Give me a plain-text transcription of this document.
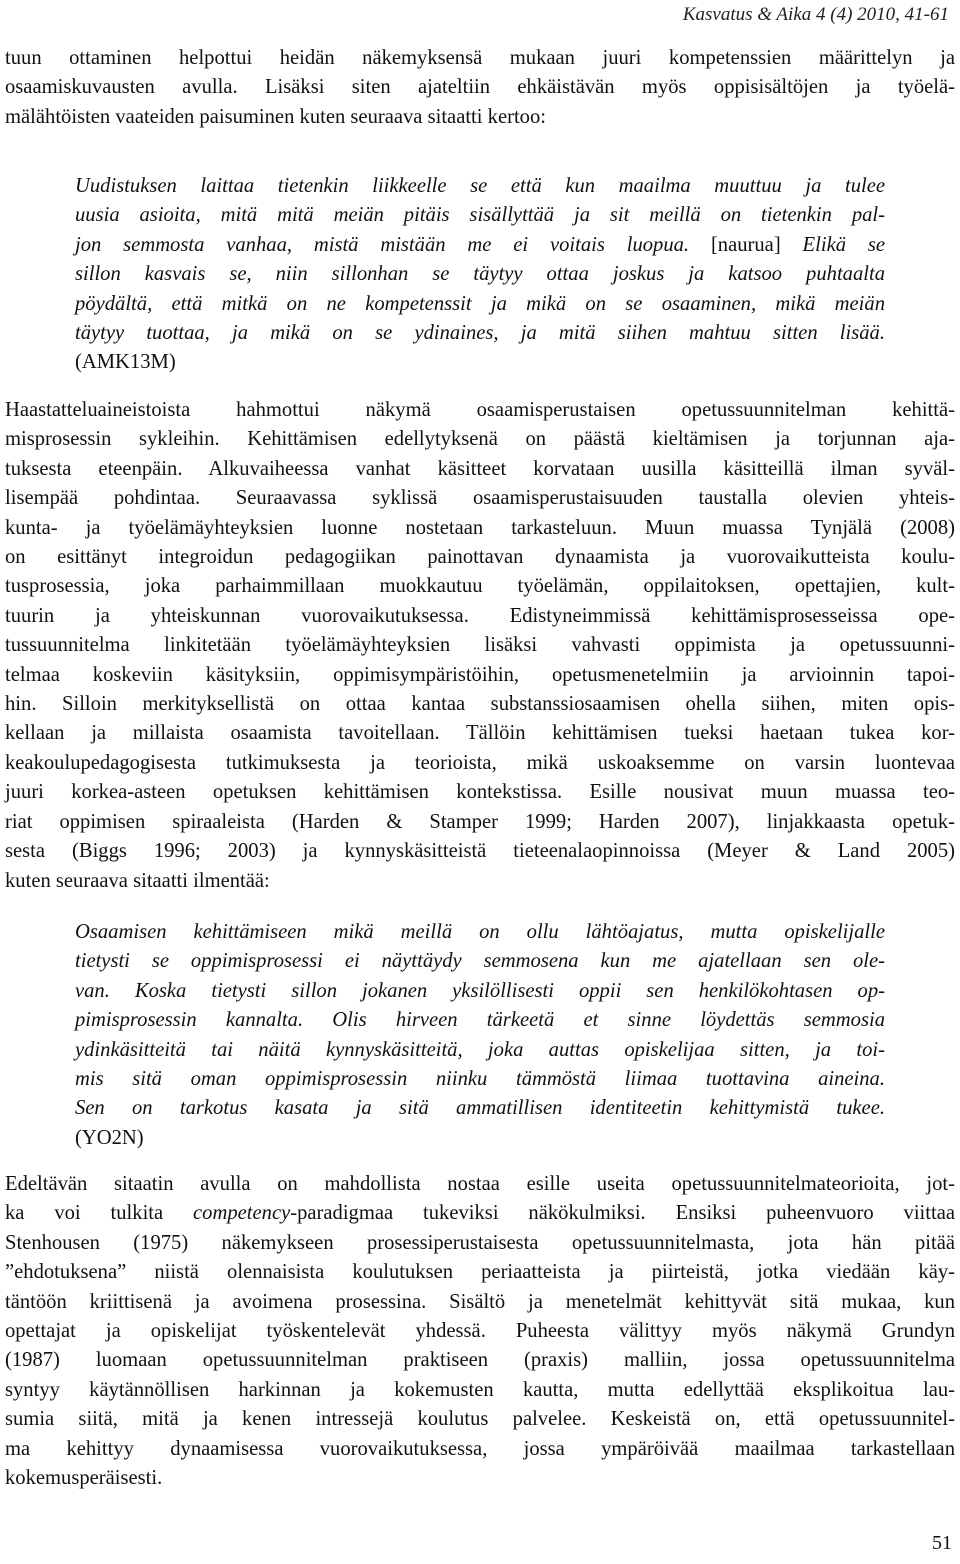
Kasvatus & Aika 4 (4) 2010, 41-61
tuun ottaminen helpottui heidän näkemyksensä mukaan juuri kompetenssien määrittelyn ja
osaamiskuvausten avulla. Lisäksi siten ajateltiin ehkäistävän myös oppisisältöjen ja työelä-
mälähtöisten vaateiden paisuminen kuten seuraava sitaatti kertoo:
Uudistuksen laittaa tietenkin liikkeelle se että kun maailma muuttuu ja tulee
uusia asioita, mitä mitä meiän pitäis sisällyttää ja sit meillä on tietenkin pal-
jon semmosta vanhaa, mistä mistään me ei voitais luopua. [naurua] Elikä se
sillon kasvais se, niin sillonhan se täytyy ottaa joskus ja katsoo puhtaalta
pöydältä, että mitkä on ne kompetenssit ja mikä on se osaaminen, mikä meiän
täytyy tuottaa, ja mikä on se ydinaines, ja mitä siihen mahtuu sitten lisää.
(AMK13M)
Haastatteluaineistoista hahmottui näkymä osaamisperustaisen opetussuunnitelman kehittä-
misprosessin sykleihin. Kehittämisen edellytyksenä on päästä kieltämisen ja torjunnan aja-
tuksesta eteenpäin. Alkuvaiheessa vanhat käsitteet korvataan uusilla käsitteillä ilman syväl-
lisempää pohdintaa. Seuraavassa syklissä osaamisperustaisuuden taustalla olevien yhteis-
kunta- ja työelämäyhteyksien luonne nostetaan tarkasteluun. Muun muassa Tynjälä (2008)
on esittänyt integroidun pedagogiikan painottavan dynaamista ja vuorovaikutteista koulu-
tusprosessia, joka parhaimmillaan muokkautuu työelämän, oppilaitoksen, opettajien, kult-
tuurin ja yhteiskunnan vuorovaikutuksessa. Edistyneimmissä kehittämisprosesseissa ope-
tussuunnitelma linkitetään työelämäyhteyksien lisäksi vahvasti oppimista ja opetussuunni-
telmaa koskeviin käsityksiin, oppimisympäristöihin, opetusmenetelmiin ja arvioinnin tapoi-
hin. Silloin merkityksellistä on ottaa kantaa substanssiosaamisen ohella siihen, miten opis-
kellaan ja millaista osaamista tavoitellaan. Tällöin kehittämisen tueksi haetaan tukea kor-
keakoulupedagogisesta tutkimuksesta ja teorioista, mikä uskoaksemme on varsin luontevaa
juuri korkea-asteen opetuksen kehittämisen kontekstissa. Esille nousivat muun muassa teo-
riat oppimisen spiraaleista (Harden & Stamper 1999; Harden 2007), linjakkaasta opetuk-
sesta (Biggs 1996; 2003) ja kynnyskäsitteistä tieteenalaopinnoissa (Meyer & Land 2005)
kuten seuraava sitaatti ilmentää:
Osaamisen kehittämiseen mikä meillä on ollu lähtöajatus, mutta opiskelijalle
tietysti se oppimisprosessi ei näyttäydy semmosena kun me ajatellaan sen ole-
van. Koska tietysti sillon jokanen yksilöllisesti oppii sen henkilökohtasen op-
pimisprosessin kannalta. Olis hirveen tärkeetä et sinne löydettäs semmosia
ydinkäsitteitä tai näitä kynnyskäsitteitä, joka auttas opiskelijaa sitten, ja toi-
mis sitä oman oppimisprosessin niinku tämmöstä liimaa tuottavina aineina.
Sen on tarkotus kasata ja sitä ammatillisen identiteetin kehittymistä tukee.
(YO2N)
Edeltävän sitaatin avulla on mahdollista nostaa esille useita opetussuunnitelmateorioita, jot-
ka voi tulkita competency-paradigmaa tukeviksi näkökulmiksi. Ensiksi puheenvuoro viittaa
Stenhousen (1975) näkemykseen prosessiperustaisesta opetussuunnitelmasta, jota hän pitää
”ehdotuksena” niistä olennaisista koulutuksen periaatteista ja piirteistä, jotka viedään käy-
täntöön kriittisenä ja avoimena prosessina. Sisältö ja menetelmät kehittyvät sitä mukaa, kun
opettajat ja opiskelijat työskentelevät yhdessä. Puheesta välittyy myös näkymä Grundyn
(1987) luomaan opetussuunnitelman praktiseen (praxis) malliin, jossa opetussuunnitelma
syntyy käytännöllisen harkinnan ja kokemusten kautta, mutta edellyttää eksplikoitua lau-
sumia siitä, mitä ja kenen intressejä koulutus palvelee. Keskeistä on, että opetussuunnitel-
ma kehittyy dynaamisessa vuorovaikutuksessa, jossa ympäröivää maailmaa tarkastellaan
kokemusperäisesti.
51
